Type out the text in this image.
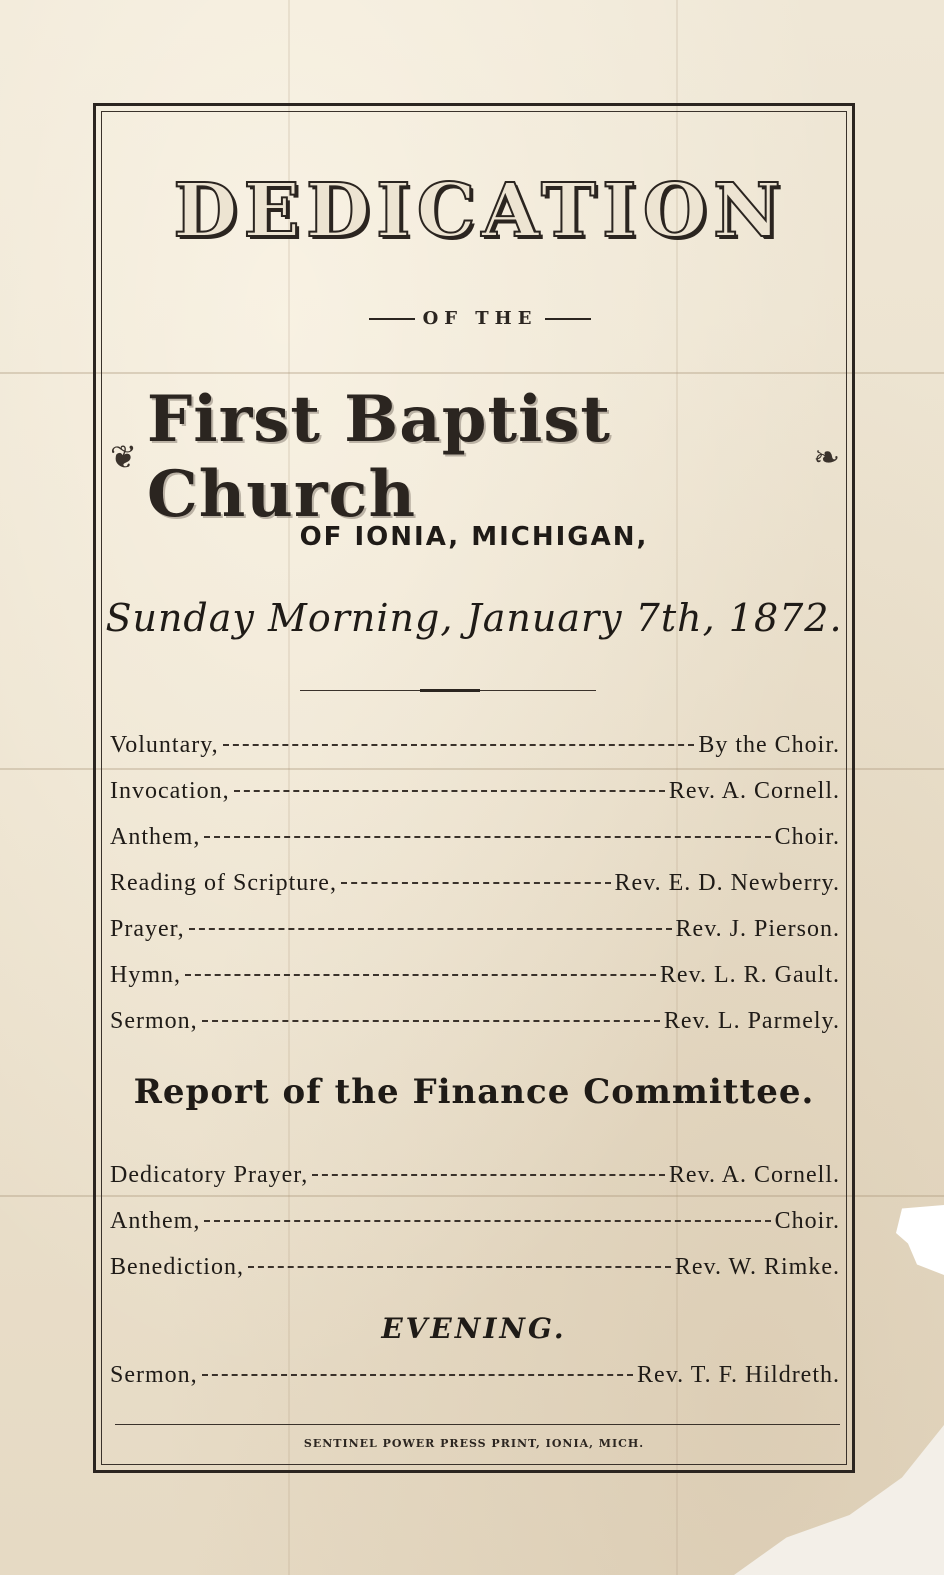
DEDICATION
OF THE
❦ First Baptist Church	❧
OF IONIA, MICHIGAN,
Sunday Morning, January 7th, 1872.
Voluntary,	By the Choir.
Invocation,	Rev. A. Cornell.
Anthem,	Choir.
Reading of Scripture,	Rev. E. D. Newberry.
Prayer,	Rev. J. Pierson.
Hymn,	Rev. L. R. Gault.
Sermon,	Rev. L. Parmely.
Report of the Finance Committee.
Dedicatory Prayer,	Rev. A. Cornell.
Anthem,	Choir.
Benediction,	Rev. W. Rimke.
EVENING.
Sermon,	Rev. T. F. Hildreth.
SENTINEL POWER PRESS PRINT, IONIA, MICH.
